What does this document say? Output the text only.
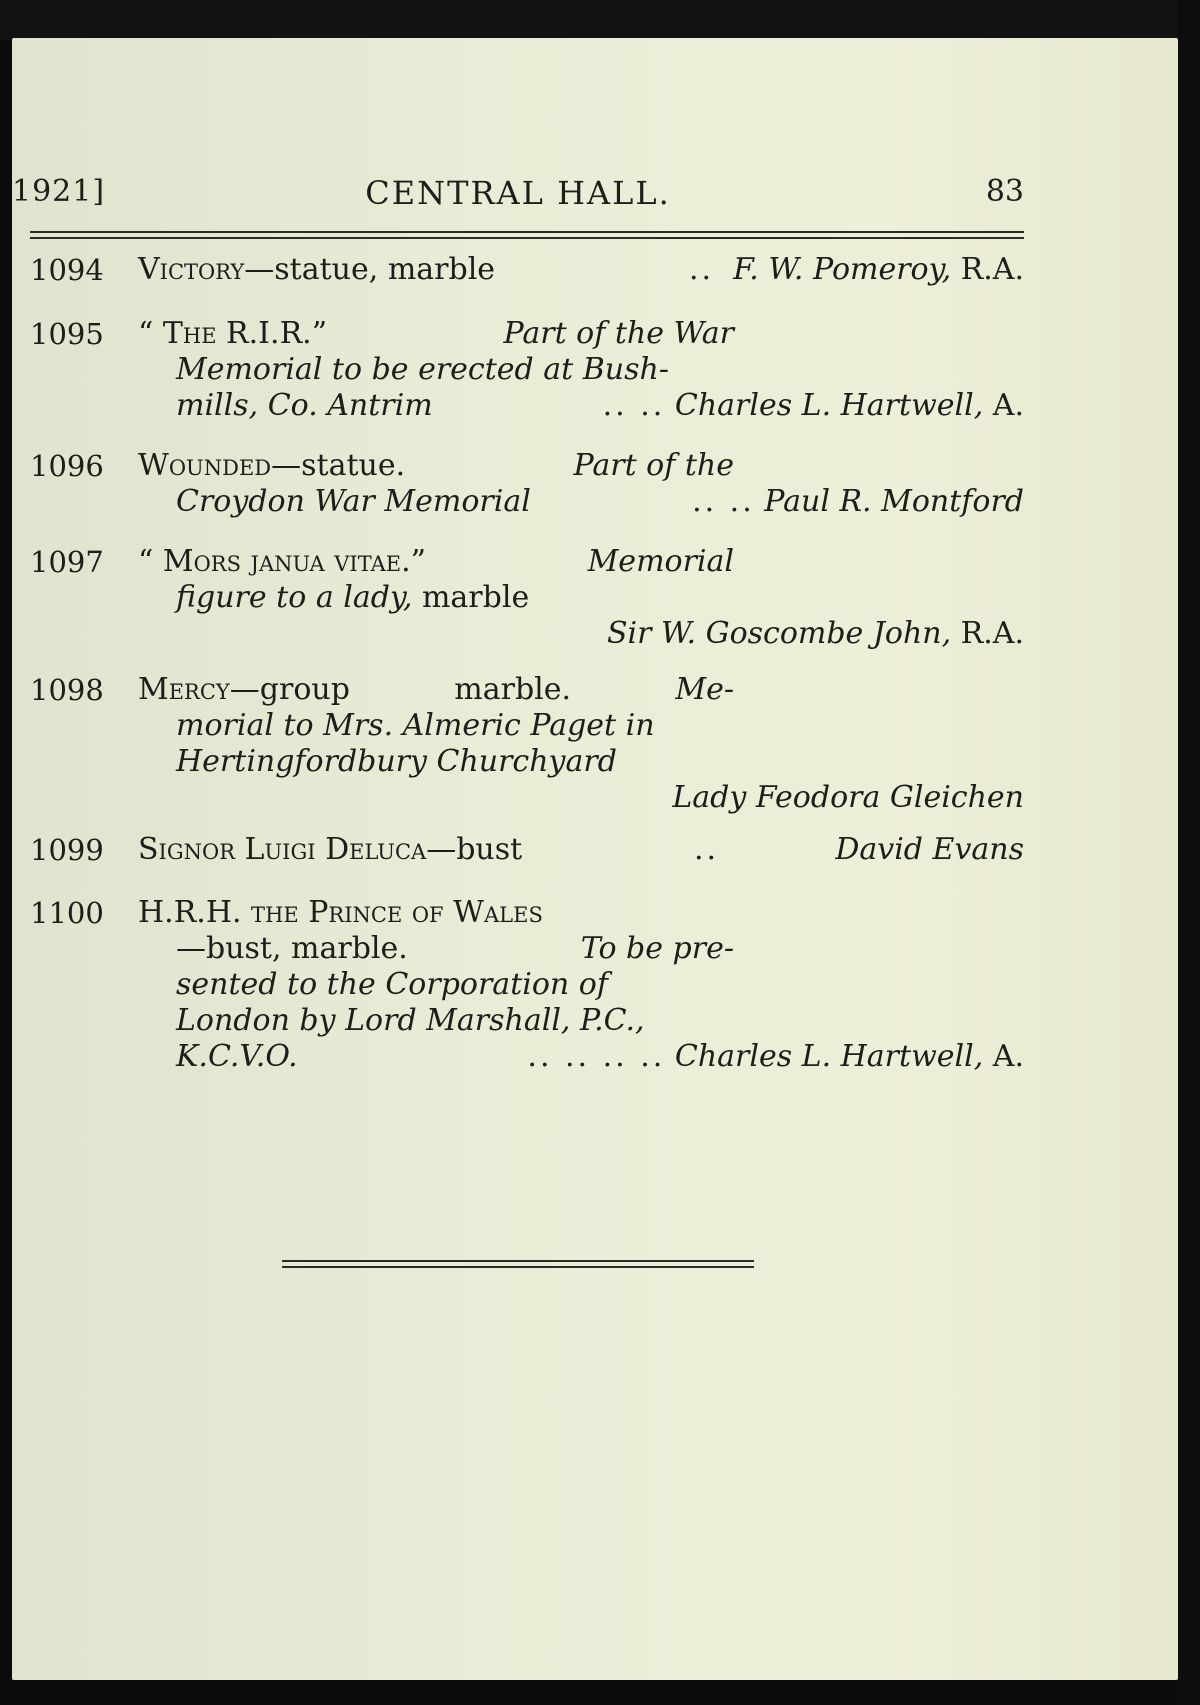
CENTRAL HALL.
1921]	83
1094	Victory—statue, marble	.. F. W. Pomeroy, R.A.
1095	“ The R.I.R.”	Part of the War
Memorial to be erected at Bush-
mills, Co. Antrim	.. .. Charles L. Hartwell, A.
1096	Wounded—statue.	Part of the
Croydon War Memorial	.. .. Paul R. Montford
1097	“ Mors janua vitae.”	Memorial
figure to a lady, marble
Sir W. Goscombe John, R.A.
1098	Mercy—group	marble.	Me-
morial to Mrs. Almeric Paget in
Hertingfordbury Churchyard
Lady Feodora Gleichen
1099	Signor Luigi Deluca—bust	..	David Evans
1100	H.R.H. the Prince of Wales
—bust, marble.	To be pre-
sented to the Corporation of
London by Lord Marshall, P.C.,
K.C.V.O.	.. .. .. .. Charles L. Hartwell, A.
